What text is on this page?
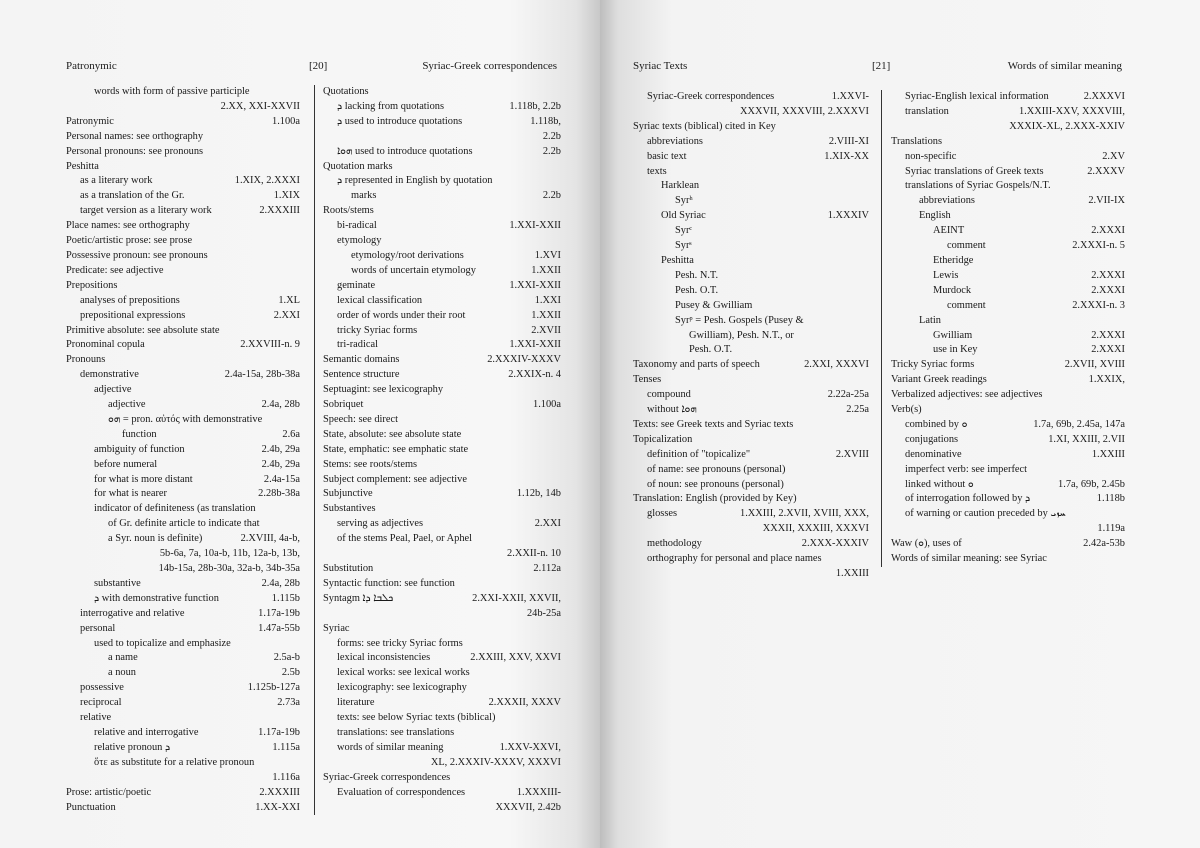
Patronymic	[20]	Syriac-Greek correspondences
words with form of passive participle
2.XX, XXI-XXVII
Patronymic	1.100a
Personal names: see orthography
Personal pronouns: see pronouns
Peshitta
as a literary work	1.XIX, 2.XXXI
as a translation of the Gr.	1.XIX
target version as a literary work	2.XXXIII
Place names: see orthography
Poetic/artistic prose: see prose
Possessive pronoun: see pronouns
Predicate: see adjective
Prepositions
analyses of prepositions	1.XL
prepositional expressions	2.XXI
Primitive absolute: see absolute state
Pronominal copula	2.XXVIII-n. 9
Pronouns
demonstrative	2.4a-15a, 28b-38a
adjective
adjective	2.4a, 28b
ܗܘ = pron. αὐτός with demonstrative
function	2.6a
ambiguity of function	2.4b, 29a
before numeral	2.4b, 29a
for what is more distant	2.4a-15a
for what is nearer	2.28b-38a
indicator of definiteness (as translation
of Gr. definite article to indicate that
a Syr. noun is definite)	2.XVIII, 4a-b,
5b-6a, 7a, 10a-b, 11b, 12a-b, 13b,
14b-15a, 28b-30a, 32a-b, 34b-35a
substantive	2.4a, 28b
ܕ with demonstrative function	1.115b
interrogative and relative	1.17a-19b
personal	1.47a-55b
used to topicalize and emphasize
a name	2.5a-b
a noun	2.5b
possessive	1.125b-127a
reciprocal	2.73a
relative
relative and interrogative	1.17a-19b
relative pronoun ܕ	1.115a
ὅτε as substitute for a relative pronoun
1.116a
Prose: artistic/poetic	2.XXXIII
Punctuation	1.XX-XXI
Quotations
ܕ lacking from quotations	1.118b, 2.2b
ܕ used to introduce quotations	1.118b,
2.2b
ܗܘܐ used to introduce quotations	2.2b
Quotation marks
ܕ represented in English by quotation
marks	2.2b
Roots/stems
bi-radical	1.XXI-XXII
etymology
etymology/root derivations	1.XVI
words of uncertain etymology	1.XXII
geminate	1.XXI-XXII
lexical classification	1.XXI
order of words under their root	1.XXII
tricky Syriac forms	2.XVII
tri-radical	1.XXI-XXII
Semantic domains	2.XXXIV-XXXV
Sentence structure	2.XXIX-n. 4
Septuagint: see lexicography
Sobriquet	1.100a
Speech: see direct
State, absolute: see absolute state
State, emphatic: see emphatic state
Stems: see roots/stems
Subject complement: see adjective
Subjunctive	1.12b, 14b
Substantives
serving as adjectives	2.XXI
of the stems Peal, Pael, or Aphel
2.XXII-n. 10
Substitution	2.112a
Syntactic function: see function
Syntagm ܟܠܒܐ ܕܐ	2.XXI-XXII, XXVII,
24b-25a
Syriac
forms: see tricky Syriac forms
lexical inconsistencies	2.XXIII, XXV, XXVI
lexical works: see lexical works
lexicography: see lexicography
literature	2.XXXII, XXXV
texts: see below Syriac texts (biblical)
translations: see translations
words of similar meaning	1.XXV-XXVI,
XL, 2.XXXIV-XXXV, XXXVI
Syriac-Greek correspondences
Evaluation of correspondences	1.XXXIII-
XXXVII, 2.42b
Syriac Texts	[21]	Words of similar meaning
Syriac-Greek correspondences	1.XXVI-
XXXVII, XXXVIII, 2.XXXVI
Syriac texts (biblical) cited in Key
abbreviations	2.VIII-XI
basic text	1.XIX-XX
texts
Harklean
Syrʰ
Old Syriac	1.XXXIV
Syrᶜ
Syrˢ
Peshitta
Pesh. N.T.
Pesh. O.T.
Pusey & Gwilliam
Syrᵖ = Pesh. Gospels (Pusey &
Gwilliam), Pesh. N.T., or
Pesh. O.T.
Taxonomy and parts of speech	2.XXI, XXXVI
Tenses
compound	2.22a-25a
without ܗܘܐ	2.25a
Texts: see Greek texts and Syriac texts
Topicalization
definition of "topicalize"	2.XVIII
of name: see pronouns (personal)
of noun: see pronouns (personal)
Translation: English (provided by Key)
glosses	1.XXIII, 2.XVII, XVIII, XXX,
XXXII, XXXIII, XXXVI
methodology	2.XXX-XXXIV
orthography for personal and place names
1.XXIII
Syriac-English lexical information	2.XXXVI
translation	1.XXIII-XXV, XXXVIII,
XXXIX-XL, 2.XXX-XXIV
Translations
non-specific	2.XV
Syriac translations of Greek texts	2.XXXV
translations of Syriac Gospels/N.T.
abbreviations	2.VII-IX
English
AEINT	2.XXXI
comment	2.XXXI-n. 5
Etheridge
Lewis	2.XXXI
Murdock	2.XXXI
comment	2.XXXI-n. 3
Latin
Gwilliam	2.XXXI
use in Key	2.XXXI
Tricky Syriac forms	2.XVII, XVIII
Variant Greek readings	1.XXIX,
Verbalized adjectives: see adjectives
Verb(s)
combined by ܘ	1.7a, 69b, 2.45a, 147a
conjugations	1.XI, XXIII, 2.VII
denominative	1.XXIII
imperfect verb: see imperfect
linked without ܘ	1.7a, 69b, 2.45b
of interrogation followed by ܕ	1.118b
of warning or caution preceded by ܚܙܝ
1.119a
Waw (ܘ), uses of	2.42a-53b
Words of similar meaning: see Syriac
